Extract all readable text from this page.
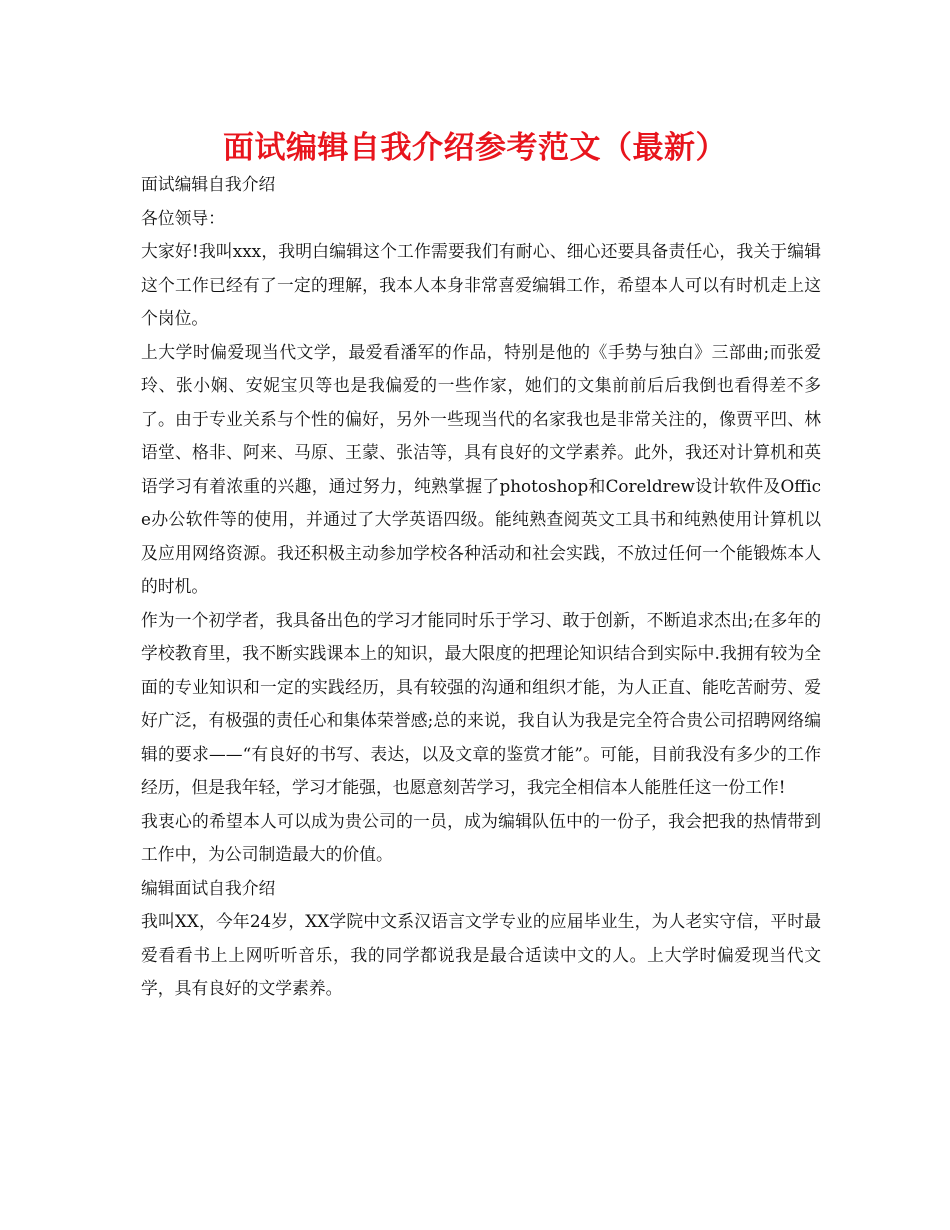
面试编辑自我介绍参考范文（最新）

面试编辑自我介绍

各位领导：

大家好!我叫xxx，我明白编辑这个工作需要我们有耐心、细心还要具备责任心，我关于编辑这个工作已经有了一定的理解，我本人本身非常喜爱编辑工作，希望本人可以有时机走上这个岗位。

上大学时偏爱现当代文学，最爱看潘军的作品，特别是他的《手势与独白》三部曲;而张爱玲、张小娴、安妮宝贝等也是我偏爱的一些作家，她们的文集前前后后我倒也看得差不多了。由于专业关系与个性的偏好，另外一些现当代的名家我也是非常关注的，像贾平凹、林语堂、格非、阿来、马原、王蒙、张洁等，具有良好的文学素养。此外，我还对计算机和英语学习有着浓重的兴趣，通过努力，纯熟掌握了photoshop和Coreldrew设计软件及Office办公软件等的使用，并通过了大学英语四级。能纯熟查阅英文工具书和纯熟使用计算机以及应用网络资源。我还积极主动参加学校各种活动和社会实践，不放过任何一个能锻炼本人的时机。

作为一个初学者，我具备出色的学习才能同时乐于学习、敢于创新，不断追求杰出;在多年的学校教育里，我不断实践课本上的知识，最大限度的把理论知识结合到实际中.我拥有较为全面的专业知识和一定的实践经历，具有较强的沟通和组织才能，为人正直、能吃苦耐劳、爱好广泛，有极强的责任心和集体荣誉感;总的来说，我自认为我是完全符合贵公司招聘网络编辑的要求——“有良好的书写、表达，以及文章的鉴赏才能”。可能，目前我没有多少的工作经历，但是我年轻，学习才能强，也愿意刻苦学习，我完全相信本人能胜任这一份工作!

我衷心的希望本人可以成为贵公司的一员，成为编辑队伍中的一份子，我会把我的热情带到工作中，为公司制造最大的价值。

编辑面试自我介绍

我叫XX，今年24岁，XX学院中文系汉语言文学专业的应届毕业生，为人老实守信，平时最爱看看书上上网听听音乐，我的同学都说我是最合适读中文的人。上大学时偏爱现当代文学，具有良好的文学素养。
